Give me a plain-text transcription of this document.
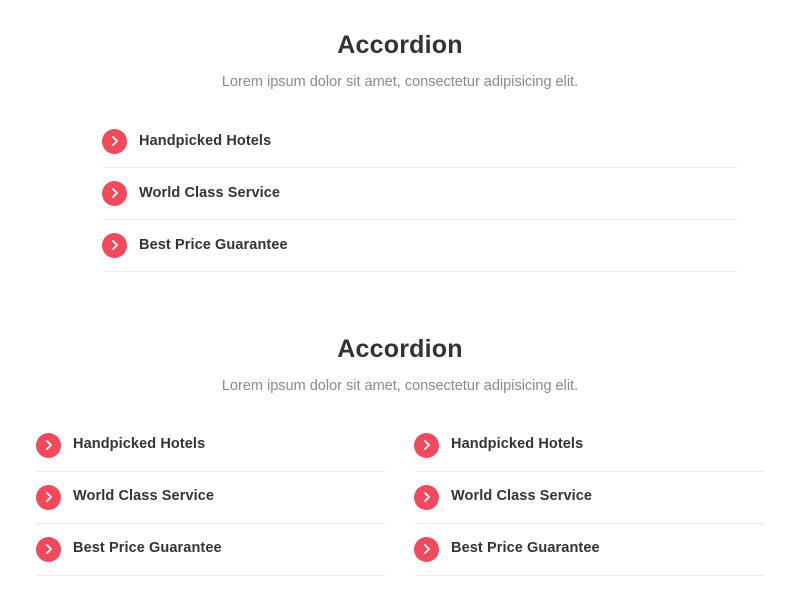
Accordion

Lorem ipsum dolor sit amet, consectetur adipisicing elit.

Handpicked Hotels
World Class Service
Best Price Guarantee
Accordion

Lorem ipsum dolor sit amet, consectetur adipisicing elit.

Handpicked Hotels
World Class Service
Best Price Guarantee
Handpicked Hotels
World Class Service
Best Price Guarantee
